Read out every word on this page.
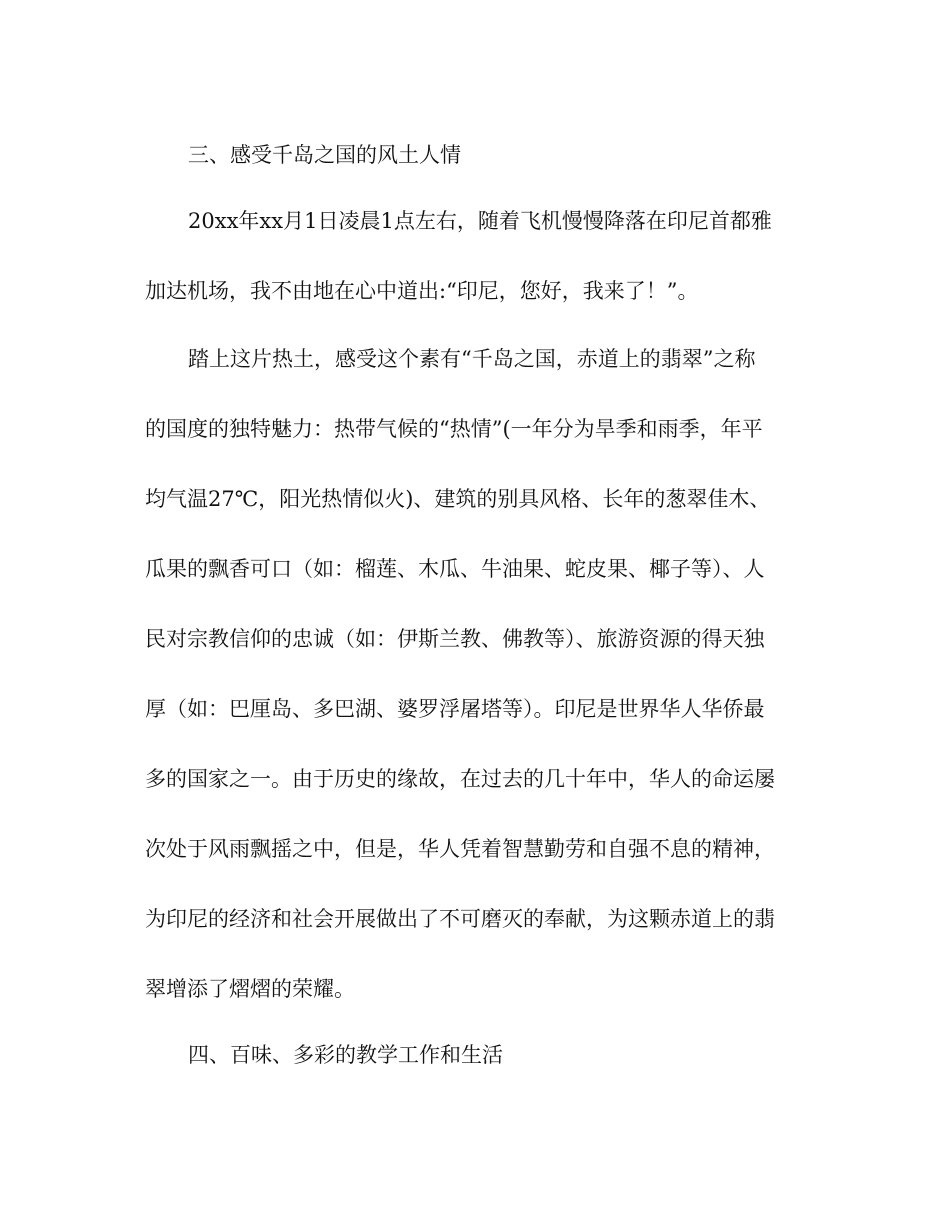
三、感受千岛之国的风土人情

20xx年xx月1日凌晨1点左右，随着飞机慢慢降落在印尼首都雅

加达机场，我不由地在心中道出:“印尼，您好，我来了！”。

踏上这片热土，感受这个素有“千岛之国，赤道上的翡翠”之称

的国度的独特魅力：热带气候的“热情”(一年分为旱季和雨季，年平

均气温27℃，阳光热情似火)、建筑的别具风格、长年的葱翠佳木、

瓜果的飘香可口（如：榴莲、木瓜、牛油果、蛇皮果、椰子等）、人

民对宗教信仰的忠诚（如：伊斯兰教、佛教等）、旅游资源的得天独

厚（如：巴厘岛、多巴湖、婆罗浮屠塔等）。印尼是世界华人华侨最

多的国家之一。由于历史的缘故，在过去的几十年中，华人的命运屡

次处于风雨飘摇之中，但是，华人凭着智慧勤劳和自强不息的精神，

为印尼的经济和社会开展做出了不可磨灭的奉献，为这颗赤道上的翡

翠增添了熠熠的荣耀。

四、百味、多彩的教学工作和生活
